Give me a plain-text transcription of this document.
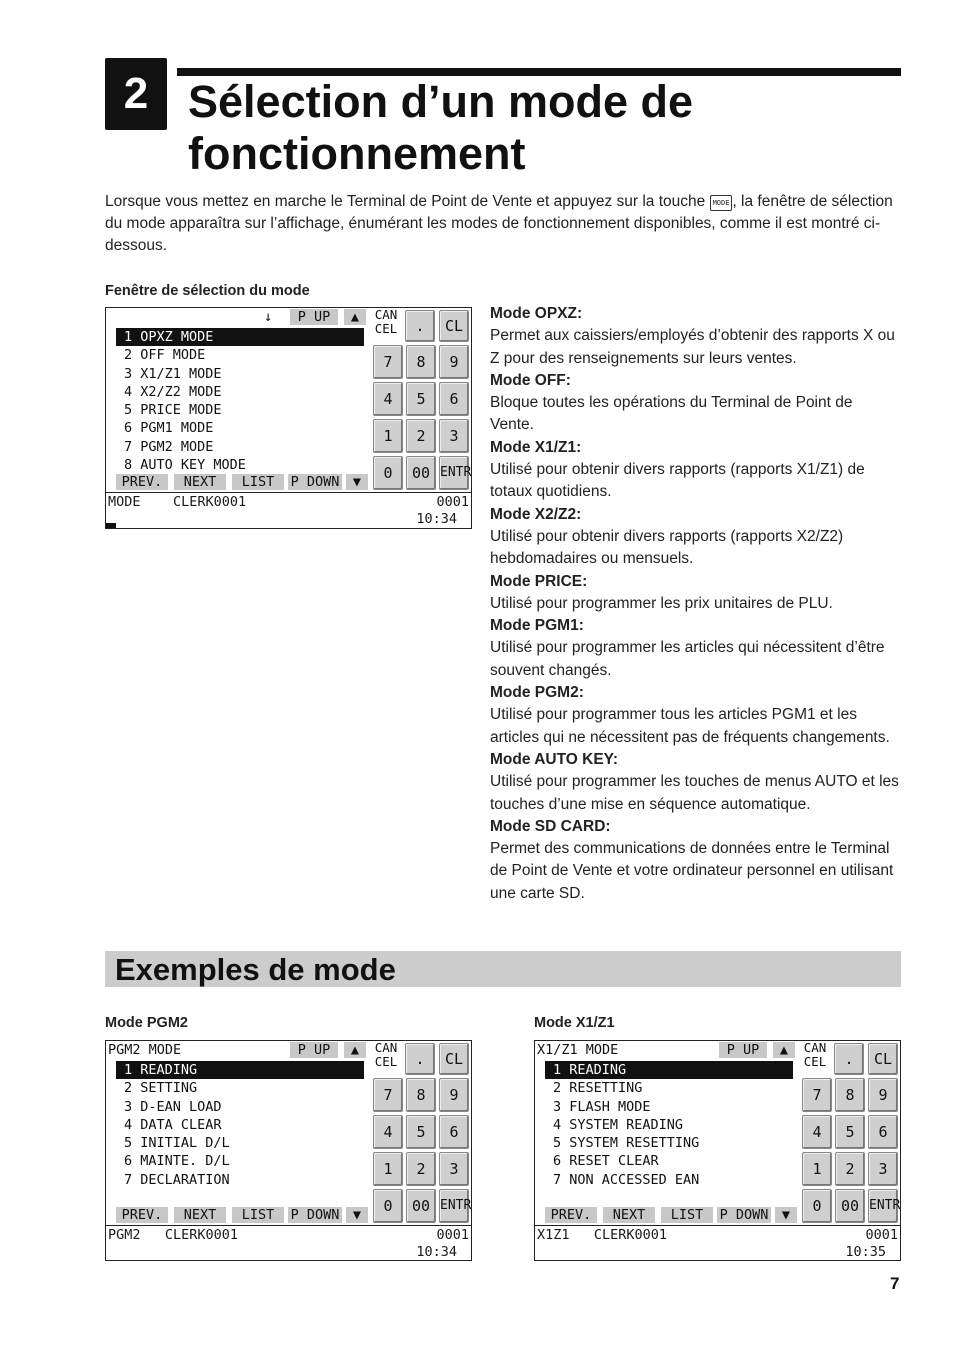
2 Sélection d’un mode de fonctionnement
Lorsque vous mettez en marche le Terminal de Point de Vente et appuyez sur la touche MODE , la fenêtre de sélection du mode apparaîtra sur l’affichage, énumérant les modes de fonctionnement disponibles, comme il est montré ci-dessous.
Fenêtre de sélection du mode
↓	P UP	▲
1 OPXZ MODE
2 OFF MODE
3 X1/Z1 MODE
4 X2/Z2 MODE
5 PRICE MODE
6 PGM1 MODE
7 PGM2 MODE
8 AUTO KEY MODE
PREV.	NEXT	LIST	P DOWN	▼
CAN
CEL	.	CL
7	8	9
4	5	6
1	2	3
0	00 ENTR
MODE    CLERK0001	0001
10:34
Mode OPXZ:
Permet aux caissiers/employés d’obtenir des rapports X ou Z pour des renseignements sur leurs ventes.
Mode OFF:
Bloque toutes les opérations du Terminal de Point de Vente.
Mode X1/Z1:
Utilisé pour obtenir divers rapports (rapports X1/Z1) de totaux quotidiens.
Mode X2/Z2:
Utilisé pour obtenir divers rapports (rapports X2/Z2) hebdomadaires ou mensuels.
Mode PRICE:
Utilisé pour programmer les prix unitaires de PLU.
Mode PGM1:
Utilisé pour programmer les articles qui nécessitent d’être souvent changés.
Mode PGM2:
Utilisé pour programmer tous les articles PGM1 et les articles qui ne nécessitent pas de fréquents changements.
Mode AUTO KEY:
Utilisé pour programmer les touches de menus AUTO et les touches d’une mise en séquence automatique.
Mode SD CARD:
Permet des communications de données entre le Terminal de Point de Vente et votre ordinateur personnel en utilisant une carte SD.
Exemples de mode
Mode PGM2	Mode X1/Z1
PGM2 MODE	P UP	▲
1 READING
2 SETTING
3 D-EAN LOAD
4 DATA CLEAR
5 INITIAL D/L
6 MAINTE. D/L
7 DECLARATION
PREV.	NEXT	LIST	P DOWN	▼
CAN
CEL	.	CL
7	8	9
4	5	6
1	2	3
0	00 ENTR
PGM2   CLERK0001	0001
10:34
X1/Z1 MODE	P UP	▲
1 READING
2 RESETTING
3 FLASH MODE
4 SYSTEM READING
5 SYSTEM RESETTING
6 RESET CLEAR
7 NON ACCESSED EAN
PREV.	NEXT	LIST	P DOWN	▼
CAN
CEL	.	CL
7	8	9
4	5	6
1	2	3
0	00 ENTR
X1Z1   CLERK0001	0001
10:35
7
